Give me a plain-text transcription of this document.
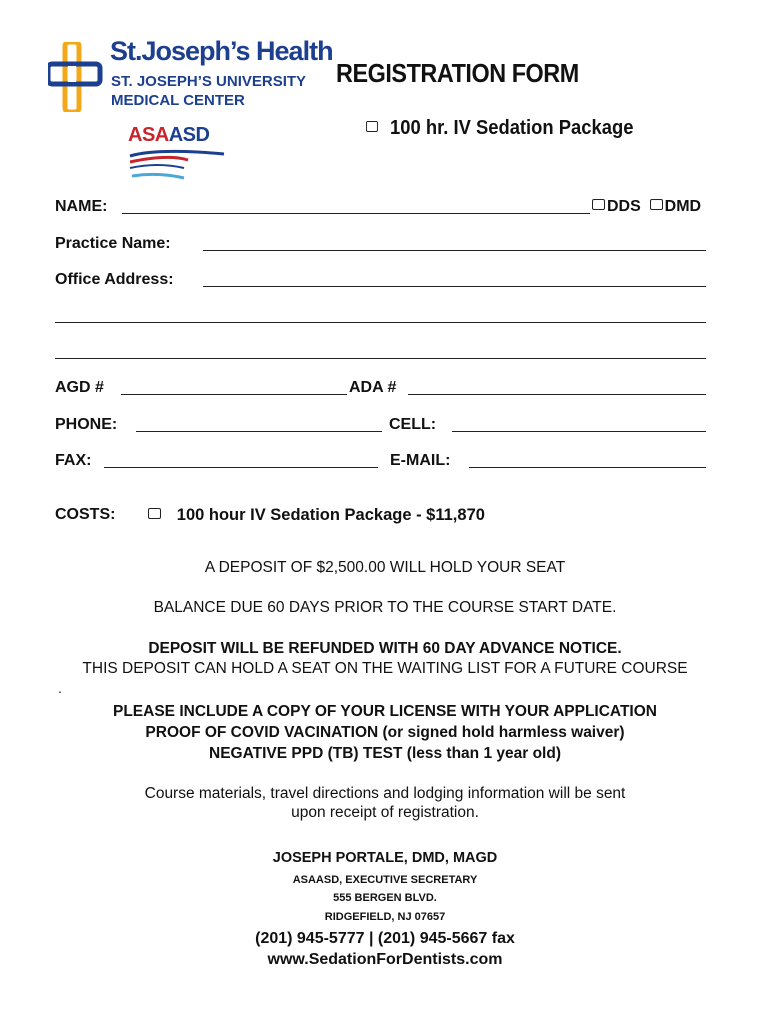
St.Joseph’s Health
ST. JOSEPH’S UNIVERSITY
MEDICAL CENTER
ASAASD
REGISTRATION FORM
100 hr. IV Sedation Package
NAME:	DDS DMD
Practice Name:
Office Address:
AGD #	ADA #
PHONE:	CELL:
FAX:	E-MAIL:
COSTS:	100 hour IV Sedation Package - $11,870
A DEPOSIT OF $2,500.00 WILL HOLD YOUR SEAT
BALANCE DUE 60 DAYS PRIOR TO THE COURSE START DATE.
DEPOSIT WILL BE REFUNDED WITH 60 DAY ADVANCE NOTICE.
THIS DEPOSIT CAN HOLD A SEAT ON THE WAITING LIST FOR A FUTURE COURSE
.
PLEASE INCLUDE A COPY OF YOUR LICENSE WITH YOUR APPLICATION
PROOF OF COVID VACINATION (or signed hold harmless waiver)
NEGATIVE PPD (TB) TEST (less than 1 year old)
Course materials, travel directions and lodging information will be sent
upon receipt of registration.
JOSEPH PORTALE, DMD, MAGD
ASAASD, EXECUTIVE SECRETARY
555 BERGEN BLVD.
RIDGEFIELD, NJ 07657
(201) 945-5777 | (201) 945-5667 fax
www.SedationForDentists.com
